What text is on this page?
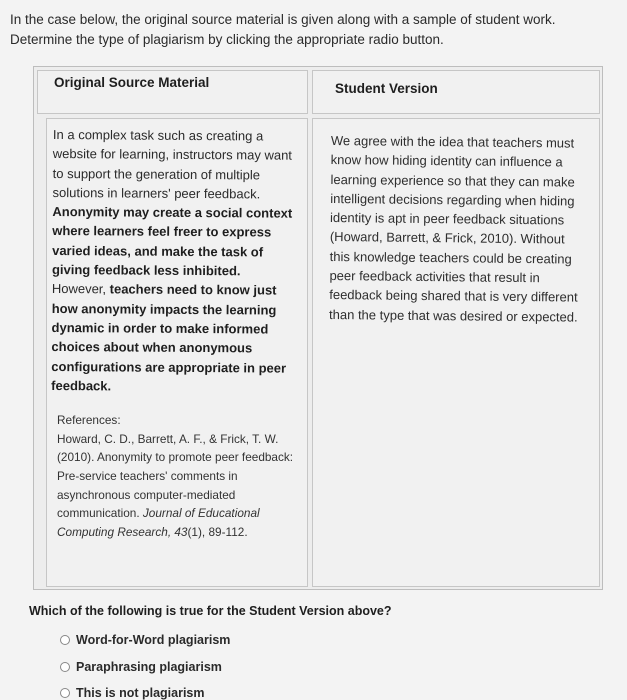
In the case below, the original source material is given along with a sample of student work.
Determine the type of plagiarism by clicking the appropriate radio button.
Original Source Material	Student Version
In a complex task such as creating a website for learning, instructors may want to support the generation of multiple solutions in learners' peer feedback. Anonymity may create a social context where learners feel freer to express varied ideas, and make the task of giving feedback less inhibited. However, teachers need to know just how anonymity impacts the learning dynamic in order to make informed choices about when anonymous configurations are appropriate in peer feedback.
References:
Howard, C. D., Barrett, A. F., & Frick, T. W. (2010). Anonymity to promote peer feedback: Pre-service teachers' comments in asynchronous computer-mediated communication. Journal of Educational Computing Research, 43(1), 89-112.
We agree with the idea that teachers must know how hiding identity can influence a learning experience so that they can make intelligent decisions regarding when hiding identity is apt in peer feedback situations (Howard, Barrett, & Frick, 2010). Without this knowledge teachers could be creating peer feedback activities that result in feedback being shared that is very different than the type that was desired or expected.
Which of the following is true for the Student Version above?
Word-for-Word plagiarism
Paraphrasing plagiarism
This is not plagiarism
